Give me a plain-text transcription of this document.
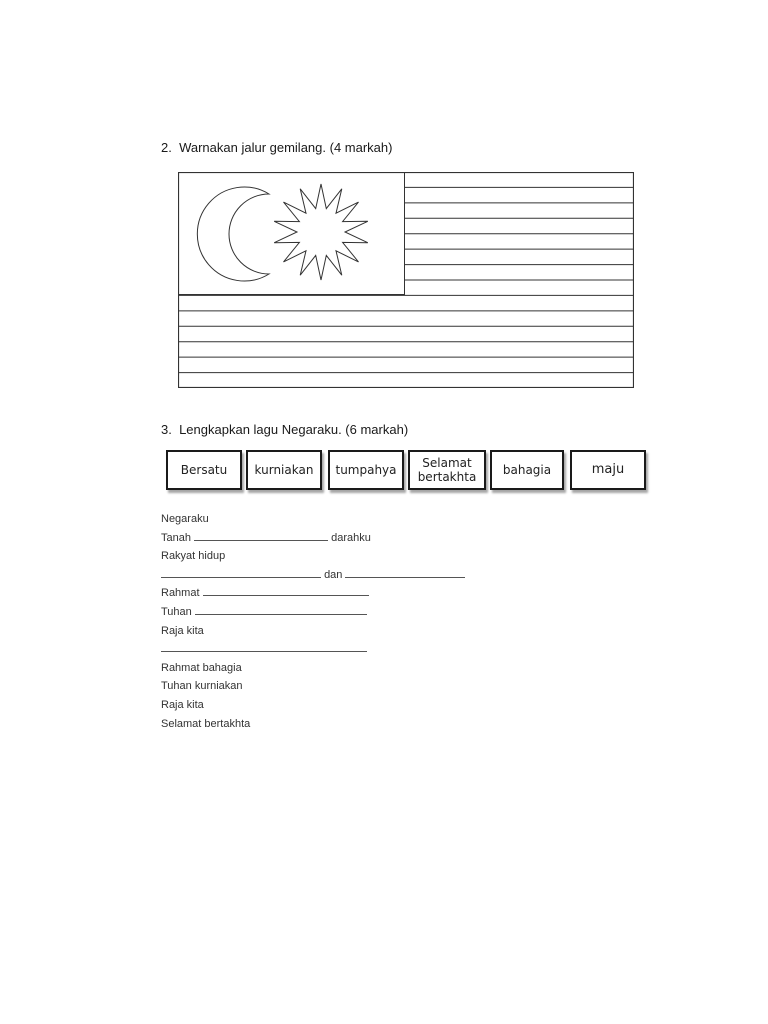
2. Warnakan jalur gemilang. (4 markah)
3. Lengkapkan lagu Negaraku. (6 markah)
Bersatu	kurniakan	tumpahya	Selamat
bertakhta	bahagia	maju
Negaraku
Tanah	darahku
Rakyat hidup
dan
Rahmat
Tuhan
Raja kita
Rahmat bahagia
Tuhan kurniakan
Raja kita
Selamat bertakhta
